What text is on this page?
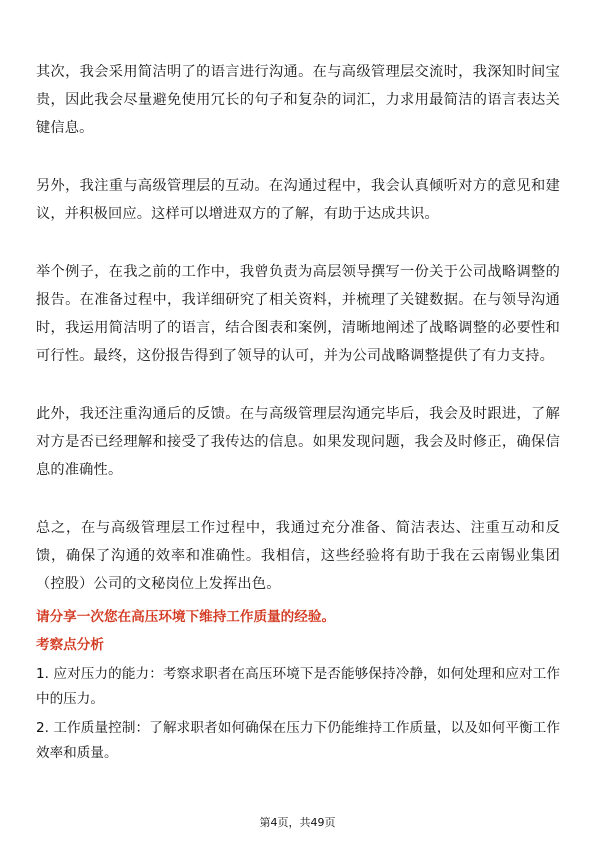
其次，我会采用简洁明了的语言进行沟通。在与高级管理层交流时，我深知时间宝贵，因此我会尽量避免使用冗长的句子和复杂的词汇，力求用最简洁的语言表达关键信息。

另外，我注重与高级管理层的互动。在沟通过程中，我会认真倾听对方的意见和建议，并积极回应。这样可以增进双方的了解，有助于达成共识。

举个例子，在我之前的工作中，我曾负责为高层领导撰写一份关于公司战略调整的报告。在准备过程中，我详细研究了相关资料，并梳理了关键数据。在与领导沟通时，我运用简洁明了的语言，结合图表和案例，清晰地阐述了战略调整的必要性和可行性。最终，这份报告得到了领导的认可，并为公司战略调整提供了有力支持。

此外，我还注重沟通后的反馈。在与高级管理层沟通完毕后，我会及时跟进，了解对方是否已经理解和接受了我传达的信息。如果发现问题，我会及时修正，确保信息的准确性。

总之，在与高级管理层工作过程中，我通过充分准备、简洁表达、注重互动和反馈，确保了沟通的效率和准确性。我相信，这些经验将有助于我在云南锡业集团（控股）公司的文秘岗位上发挥出色。

请分享一次您在高压环境下维持工作质量的经验。
考察点分析
1. 应对压力的能力：考察求职者在高压环境下是否能够保持冷静，如何处理和应对工作中的压力。
2. 工作质量控制：了解求职者如何确保在压力下仍能维持工作质量，以及如何平衡工作效率和质量。
第4页，共49页
